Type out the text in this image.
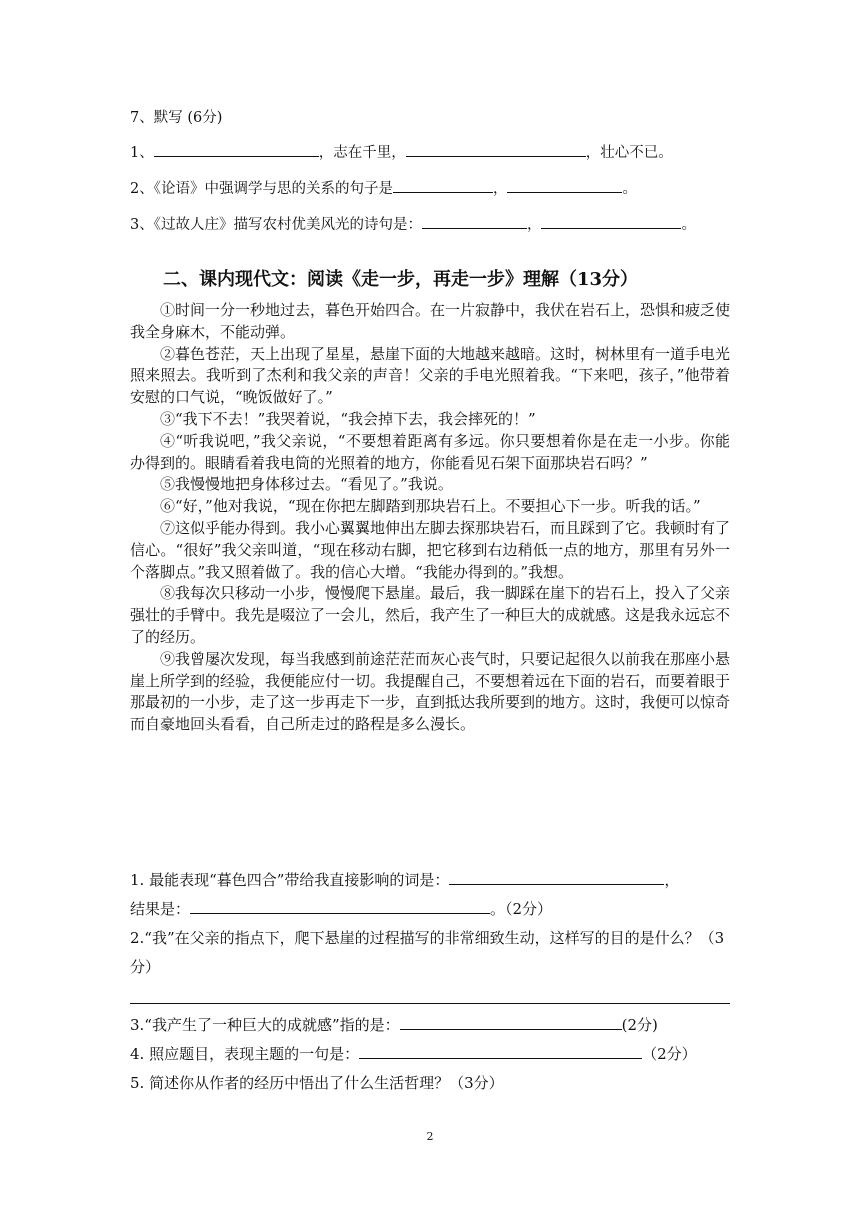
7、默写 (6分)
1、	，志在千里，	，壮心不已。
2、《论语》中强调学与思的关系的句子是	，	。
3、《过故人庄》描写农村优美风光的诗句是：	，	。
二、课内现代文：阅读《走一步，再走一步》理解（13分）

①时间一分一秒地过去，暮色开始四合。在一片寂静中，我伏在岩石上，恐惧和疲乏使我全身麻木，不能动弹。

②暮色苍茫，天上出现了星星，悬崖下面的大地越来越暗。这时，树林里有一道手电光照来照去。我听到了杰利和我父亲的声音！父亲的手电光照着我。“下来吧，孩子，”他带着安慰的口气说，“晚饭做好了。”

③“我下不去！”我哭着说，“我会掉下去，我会摔死的！”

④“听我说吧，”我父亲说，“不要想着距离有多远。你只要想着你是在走一小步。你能办得到的。眼睛看着我电筒的光照着的地方，你能看见石架下面那块岩石吗？”

⑤我慢慢地把身体移过去。“看见了。”我说。

⑥“好，”他对我说，“现在你把左脚踏到那块岩石上。不要担心下一步。听我的话。”

⑦这似乎能办得到。我小心翼翼地伸出左脚去探那块岩石，而且踩到了它。我顿时有了信心。“很好”我父亲叫道，“现在移动右脚，把它移到右边稍低一点的地方，那里有另外一个落脚点。”我又照着做了。我的信心大增。“我能办得到的。”我想。

⑧我每次只移动一小步，慢慢爬下悬崖。最后，我一脚踩在崖下的岩石上，投入了父亲强壮的手臂中。我先是啜泣了一会儿，然后，我产生了一种巨大的成就感。这是我永远忘不了的经历。

⑨我曾屡次发现，每当我感到前途茫茫而灰心丧气时，只要记起很久以前我在那座小悬崖上所学到的经验，我便能应付一切。我提醒自己，不要想着远在下面的岩石，而要着眼于那最初的一小步，走了这一步再走下一步，直到抵达我所要到的地方。这时，我便可以惊奇而自豪地回头看看，自己所走过的路程是多么漫长。

1. 最能表现“暮色四合”带给我直接影响的词是：	，
结果是：	。（2分）
2.“我”在父亲的指点下，爬下悬崖的过程描写的非常细致生动，这样写的目的是什么？（3分）
3.“我产生了一种巨大的成就感”指的是：	(2分)
4. 照应题目，表现主题的一句是：	（2分）
5. 简述你从作者的经历中悟出了什么生活哲理？（3分）
2
